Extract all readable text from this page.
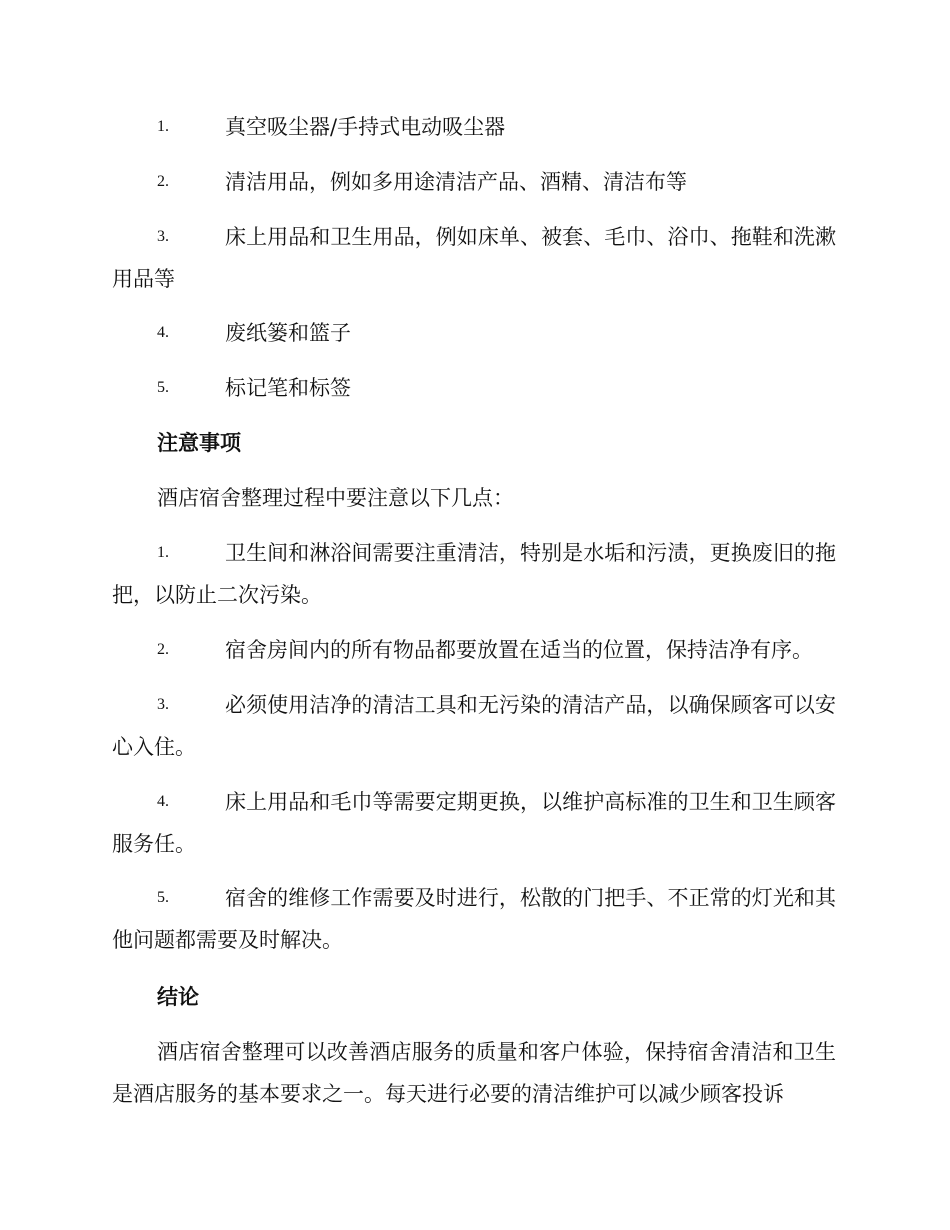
1.	真空吸尘器/手持式电动吸尘器
2.	清洁用品，例如多用途清洁产品、酒精、清洁布等
3.	床上用品和卫生用品，例如床单、被套、毛巾、浴巾、拖鞋和洗漱用品等
4.	废纸篓和篮子
5.	标记笔和标签
注意事项
酒店宿舍整理过程中要注意以下几点：
1.	卫生间和淋浴间需要注重清洁，特别是水垢和污渍，更换废旧的拖把，以防止二次污染。
2.	宿舍房间内的所有物品都要放置在适当的位置，保持洁净有序。
3.	必须使用洁净的清洁工具和无污染的清洁产品，以确保顾客可以安心入住。
4.	床上用品和毛巾等需要定期更换，以维护高标准的卫生和卫生顾客服务任。
5.	宿舍的维修工作需要及时进行，松散的门把手、不正常的灯光和其他问题都需要及时解决。
结论
酒店宿舍整理可以改善酒店服务的质量和客户体验，保持宿舍清洁和卫生是酒店服务的基本要求之一。每天进行必要的清洁维护可以减少顾客投诉
